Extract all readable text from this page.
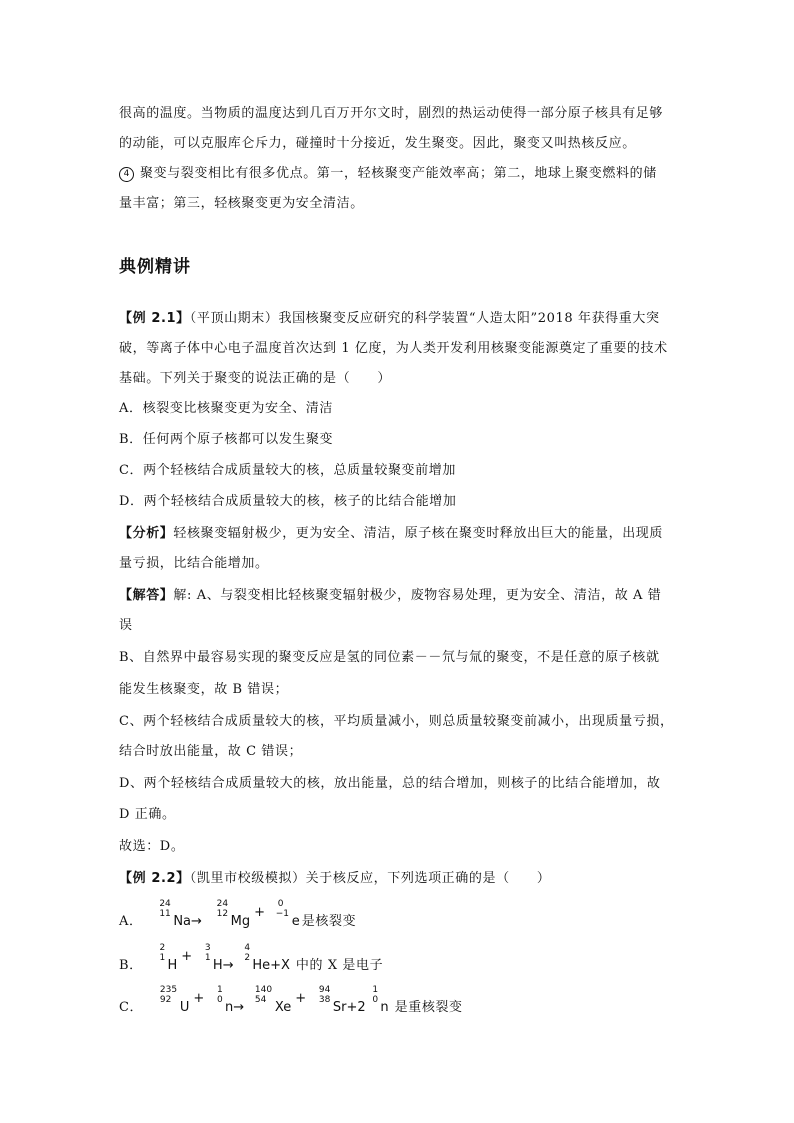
很高的温度。当物质的温度达到几百万开尔文时，剧烈的热运动使得一部分原子核具有足够
的动能，可以克服库仑斥力，碰撞时十分接近，发生聚变。因此，聚变又叫热核反应。
4 聚变与裂变相比有很多优点。第一，轻核聚变产能效率高；第二，地球上聚变燃料的储
量丰富；第三，轻核聚变更为安全清洁。
典例精讲
【例 2.1】（平顶山期末）我国核聚变反应研究的科学装置“人造太阳”2018 年获得重大突
破，等离子体中心电子温度首次达到 1 亿度，为人类开发利用核聚变能源奠定了重要的技术
基础。下列关于聚变的说法正确的是（　　）
A．核裂变比核聚变更为安全、清洁
B．任何两个原子核都可以发生聚变
C．两个轻核结合成质量较大的核，总质量较聚变前增加
D．两个轻核结合成质量较大的核，核子的比结合能增加
【分析】轻核聚变辐射极少，更为安全、清洁，原子核在聚变时释放出巨大的能量，出现质
量亏损，比结合能增加。
【解答】解: A、与裂变相比轻核聚变辐射极少，废物容易处理，更为安全、清洁，故 A 错
误
B、自然界中最容易实现的聚变反应是氢的同位素－－氘与氚的聚变，不是任意的原子核就
能发生核聚变，故 B 错误；
C、两个轻核结合成质量较大的核，平均质量减小，则总质量较聚变前减小，出现质量亏损，
结合时放出能量，故 C 错误；
D、两个轻核结合成质量较大的核，放出能量，总的结合增加，则核子的比结合能增加，故
D 正确。
故选：D。
【例 2.2】（凯里市校级模拟）关于核反应，下列选项正确的是（　　）
A．
24
11 Na→
24
12 Mg+
0
−1 e 是核裂变
B．
2
1 H+
3
1 H→
4
2 He+X 中的 X 是电子
C．
235
92 U+
1
0 n→
140
54 Xe+
94
38 Sr+2
1
0 n 是重核裂变
